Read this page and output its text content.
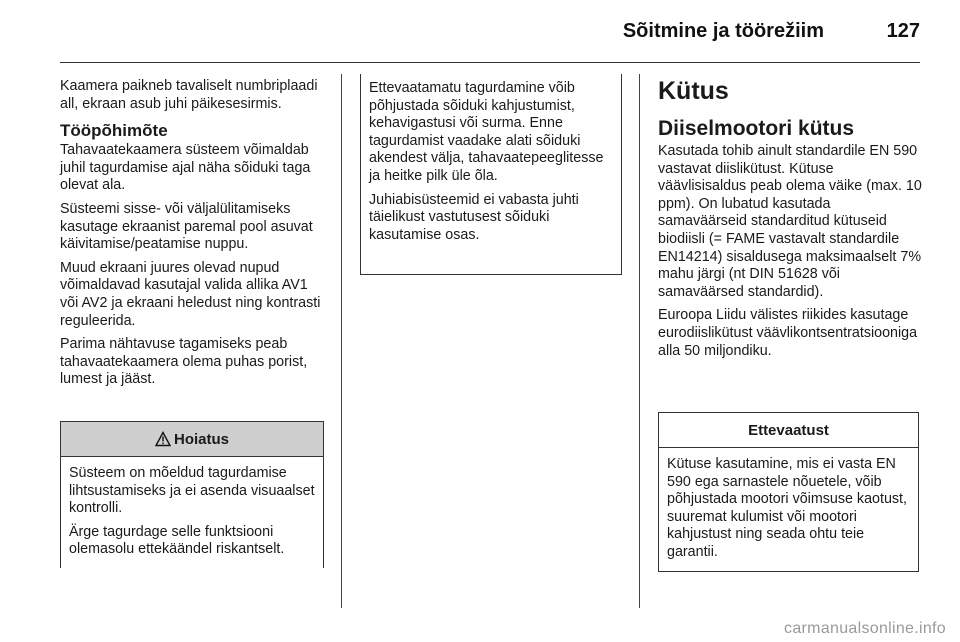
Sõitmine ja töörežiim	127

Kaamera paikneb tavaliselt numbriplaadi all, ekraan asub juhi päikesesirmis.

Tööpõhimõte

Tahavaatekaamera süsteem võimaldab juhil tagurdamise ajal näha sõiduki taga olevat ala.

Süsteemi sisse- või väljalülitamiseks kasutage ekraanist paremal pool asuvat käivitamise/peatamise nuppu.

Muud ekraani juures olevad nupud võimaldavad kasutajal valida allika AV1 või AV2 ja ekraani heledust ning kontrasti reguleerida.

Parima nähtavuse tagamiseks peab tahavaatekaamera olema puhas porist, lumest ja jääst.

Hoiatus

Süsteem on mõeldud tagurdamise lihtsustamiseks ja ei asenda visuaalset kontrolli.

Ärge tagurdage selle funktsiooni olemasolu ettekäändel riskantselt.

Ettevaatamatu tagurdamine võib põhjustada sõiduki kahjustumist, kehavigastusi või surma. Enne tagurdamist vaadake alati sõiduki akendest välja, tahavaatepeeglitesse ja heitke pilk üle õla.

Juhiabisüsteemid ei vabasta juhti täielikust vastutusest sõiduki kasutamise osas.

Kütus
Diiselmootori kütus

Kasutada tohib ainult standardile EN 590 vastavat diislikütust. Kütuse väävlisisaldus peab olema väike (max. 10 ppm). On lubatud kasutada samaväärseid standarditud kütuseid biodiisli (= FAME vastavalt standardile EN14214) sisaldusega maksimaalselt 7% mahu järgi (nt DIN 51628 või samaväärsed standardid).

Euroopa Liidu välistes riikides kasutage eurodiislikütust väävlikontsentratsiooniga alla 50 miljondiku.

Ettevaatust

Kütuse kasutamine, mis ei vasta EN 590 ega sarnastele nõuetele, võib põhjustada mootori võimsuse kaotust, suuremat kulumist või mootori kahjustust ning seada ohtu teie garantii.

carmanualsonline.info
